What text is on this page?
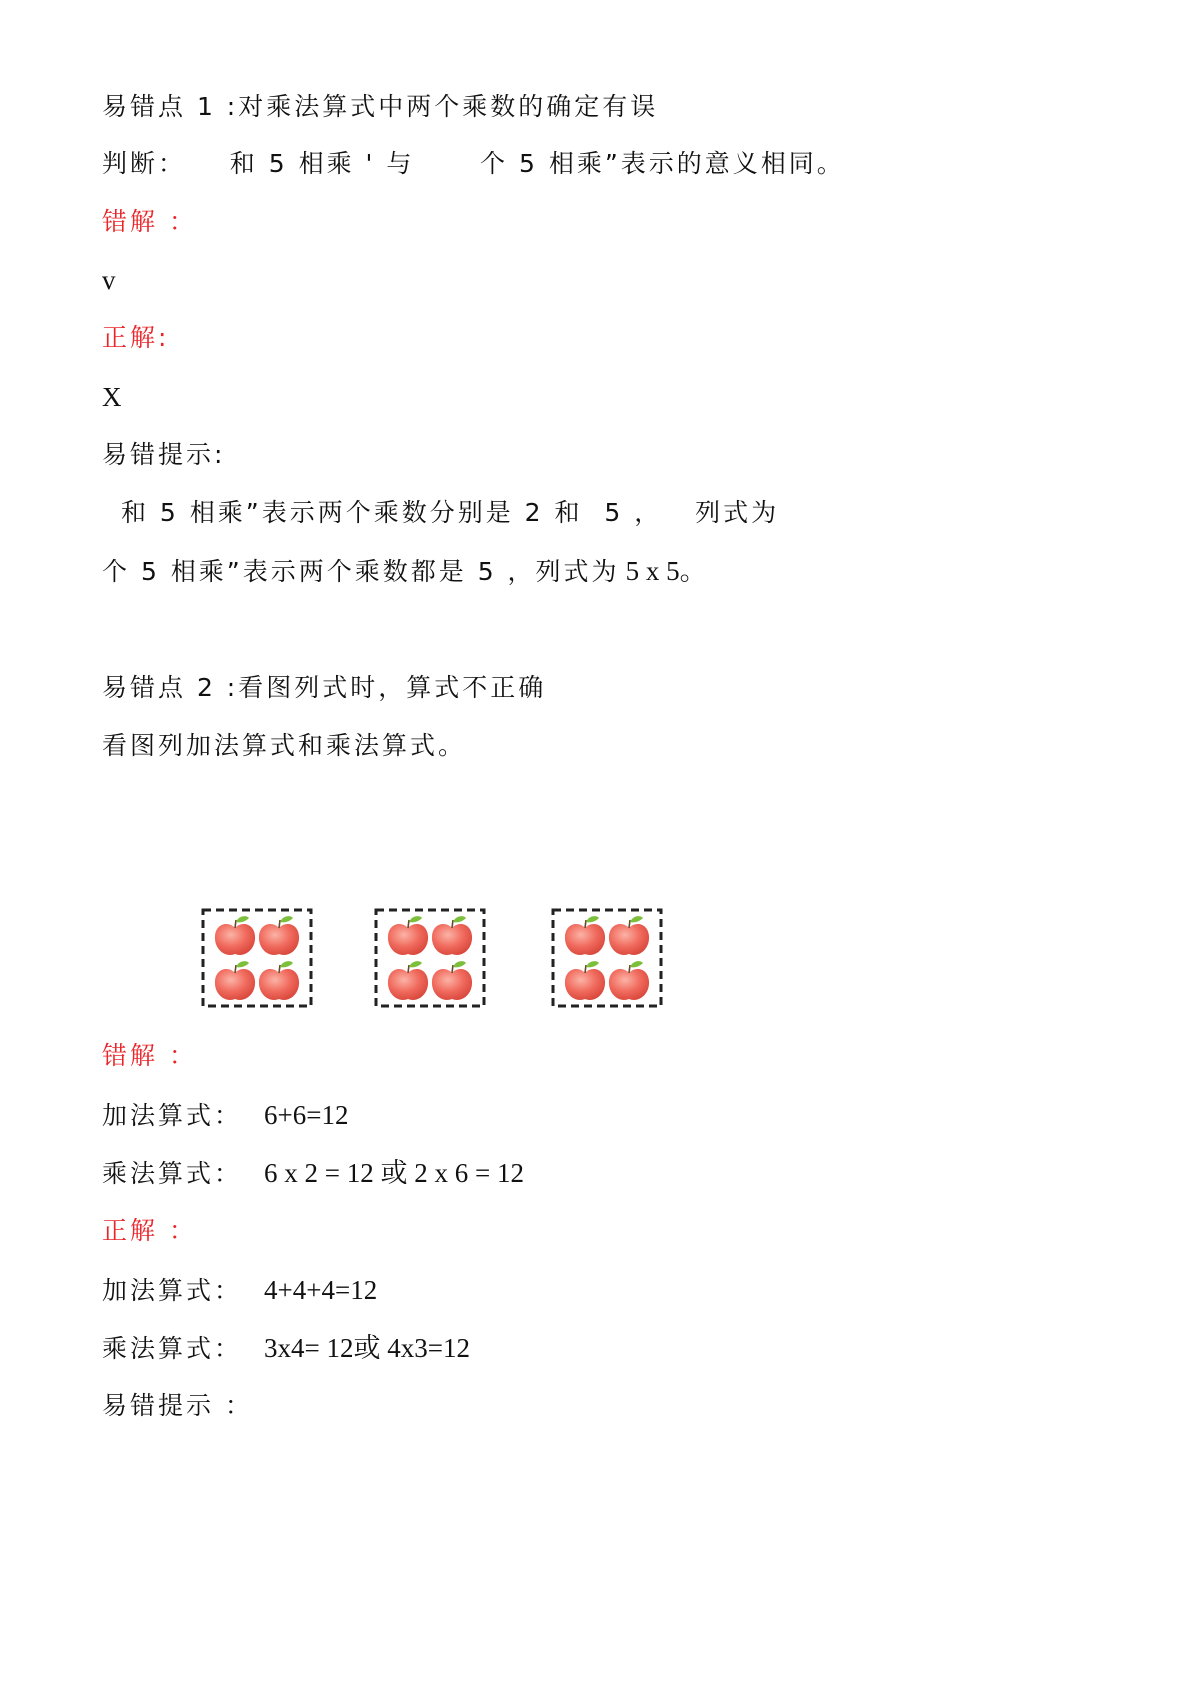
易错点 1 :对乘法算式中两个乘数的确定有误

判断：    和 5 相乘 ' 与      个 5 相乘”表示的意义相同。

错解 ：

v

正解:

X

易错提示:

和 5 相乘”表示两个乘数分别是 2 和  5 ，   列式为

个 5 相乘”表示两个乘数都是 5 ，列式为 5 x 5。

易错点 2 :看图列式时，算式不正确

看图列加法算式和乘法算式。

错解 ：

加法算式： 6+6=12

乘法算式： 6 x 2 = 12 或 2 x 6 = 12

正解 ：

加法算式： 4+4+4=12

乘法算式： 3x4= 12或 4x3=12

易错提示 ：
